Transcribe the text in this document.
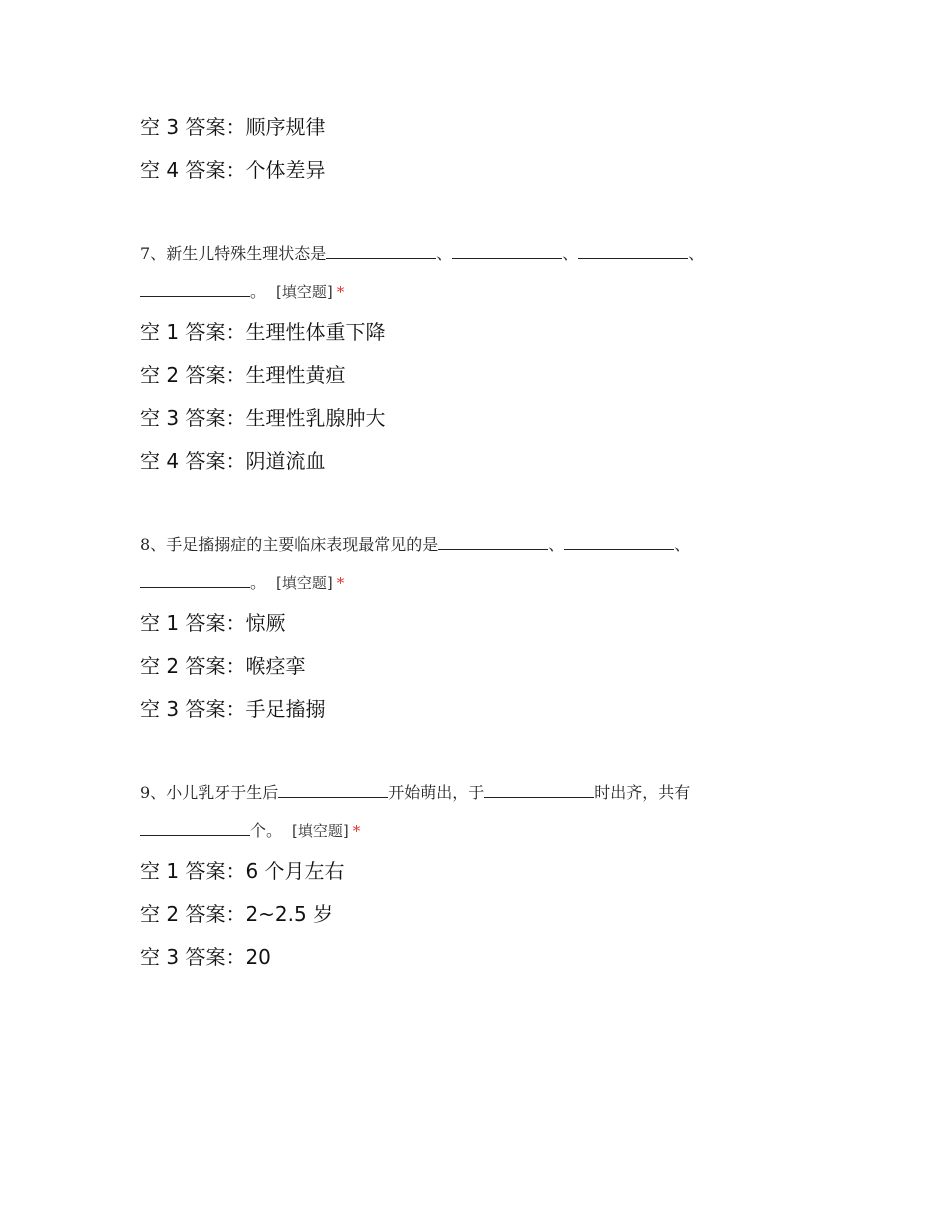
空 3 答案：顺序规律
空 4 答案：个体差异
7、新生儿特殊生理状态是	、	、	、
。 [填空题] *
空 1 答案：生理性体重下降
空 2 答案：生理性黄疸
空 3 答案：生理性乳腺肿大
空 4 答案：阴道流血
8、手足搐搦症的主要临床表现最常见的是	、	、
。 [填空题] *
空 1 答案：惊厥
空 2 答案：喉痉挛
空 3 答案：手足搐搦
9、小儿乳牙于生后	开始萌出，于	时出齐，共有
个。 [填空题] *
空 1 答案：6 个月左右
空 2 答案：2~2.5 岁
空 3 答案：20
